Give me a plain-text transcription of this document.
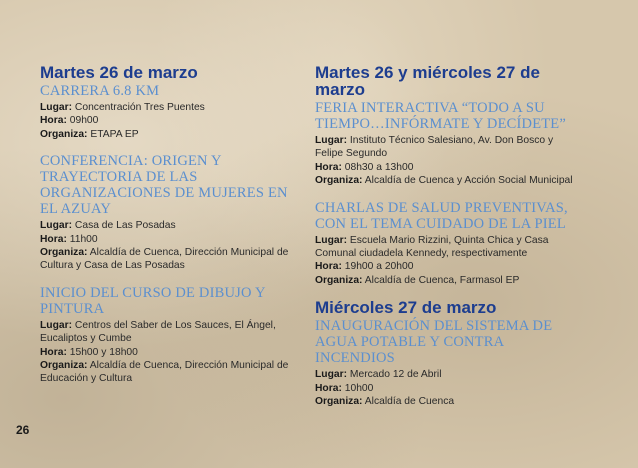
Martes 26 de marzo
CARRERA 6.8 KM
Lugar: Concentración Tres Puentes
Hora: 09h00
Organiza: ETAPA EP
CONFERENCIA: ORIGEN Y TRAYECTORIA DE LAS ORGANIZACIONES DE MUJERES EN EL AZUAY
Lugar: Casa de Las Posadas
Hora: 11h00
Organiza: Alcaldía de Cuenca, Dirección Municipal de Cultura y Casa de Las Posadas
INICIO DEL CURSO DE DIBUJO Y PINTURA
Lugar: Centros del Saber de Los Sauces, El Ángel, Eucaliptos y Cumbe
Hora: 15h00 y 18h00
Organiza: Alcaldía de Cuenca, Dirección Municipal de Educación y Cultura
Martes 26 y miércoles 27 de marzo
FERIA INTERACTIVA “TODO A SU TIEMPO…INFÓRMATE Y DECÍDETE”
Lugar: Instituto Técnico Salesiano, Av. Don Bosco y Felipe Segundo
Hora: 08h30 a 13h00
Organiza: Alcaldía de Cuenca y Acción Social Municipal
CHARLAS DE SALUD PREVENTIVAS, CON EL TEMA CUIDADO DE LA PIEL
Lugar: Escuela Mario Rizzini, Quinta Chica y Casa Comunal ciudadela Kennedy, respectivamente
Hora: 19h00 a 20h00
Organiza: Alcaldía de Cuenca, Farmasol EP
Miércoles 27 de marzo
INAUGURACIÓN DEL SISTEMA DE AGUA POTABLE Y CONTRA INCENDIOS
Lugar: Mercado 12 de Abril
Hora: 10h00
Organiza: Alcaldía de Cuenca
26
